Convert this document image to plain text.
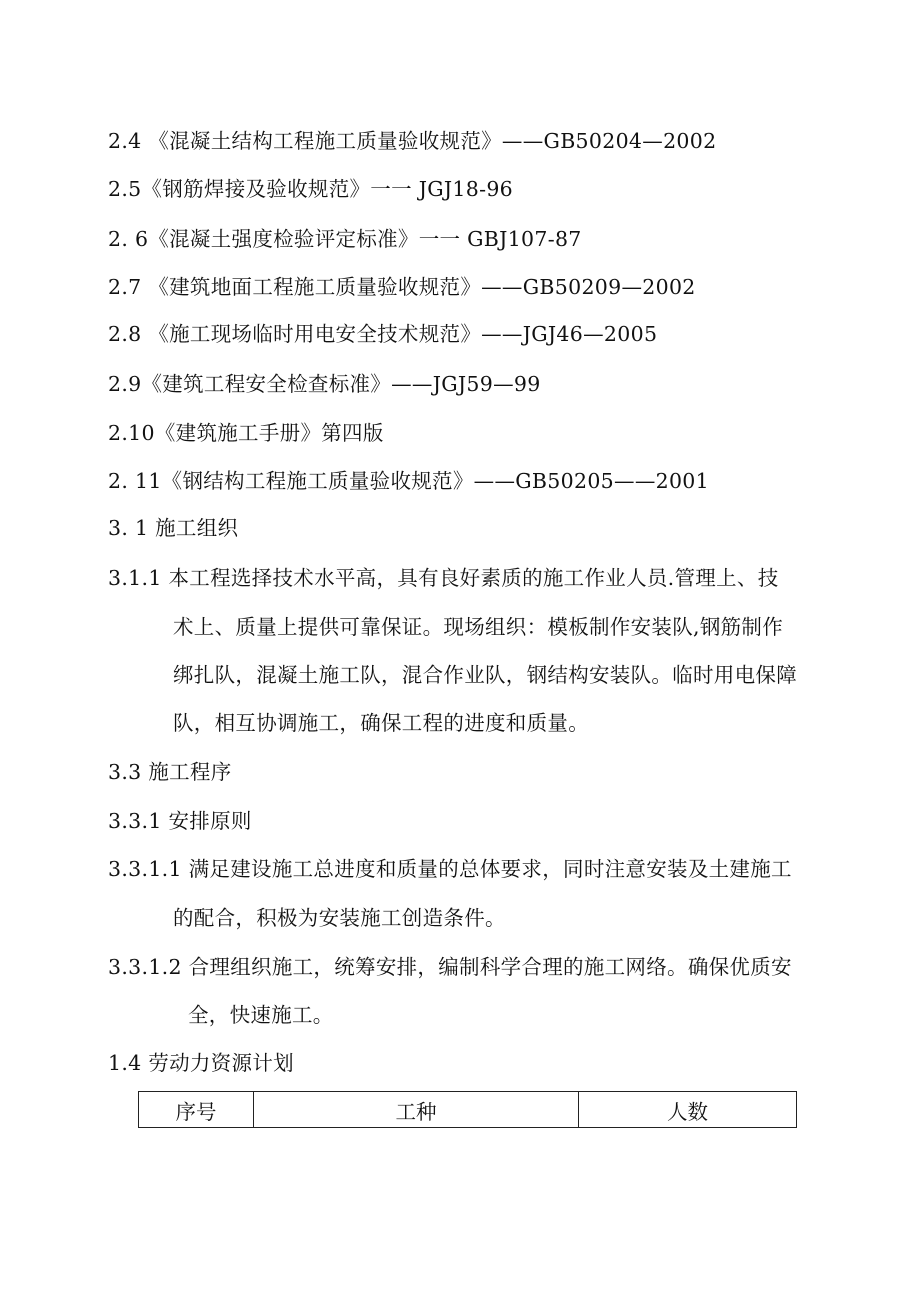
2.4 《混凝土结构工程施工质量验收规范》——GB50204—2002
2.5《钢筋焊接及验收规范》一一 JGJ18-96
2. 6《混凝土强度检验评定标准》一一 GBJ107-87
2.7 《建筑地面工程施工质量验收规范》——GB50209—2002
2.8 《施工现场临时用电安全技术规范》——JGJ46—2005
2.9《建筑工程安全检查标准》——JGJ59—99
2.10《建筑施工手册》第四版
2. 11《钢结构工程施工质量验收规范》——GB50205——2001
3. 1 施工组织
3.1.1 本工程选择技术水平高，具有良好素质的施工作业人员.管理上、技
术上、质量上提供可靠保证。现场组织：模板制作安装队,钢筋制作
绑扎队，混凝土施工队，混合作业队，钢结构安装队。临时用电保障
队，相互协调施工，确保工程的进度和质量。
3.3 施工程序
3.3.1 安排原则
3.3.1.1 满足建设施工总进度和质量的总体要求，同时注意安装及土建施工
的配合，积极为安装施工创造条件。
3.3.1.2 合理组织施工，统筹安排，编制科学合理的施工网络。确保优质安
全，快速施工。
1.4 劳动力资源计划
序号	工种	人数
